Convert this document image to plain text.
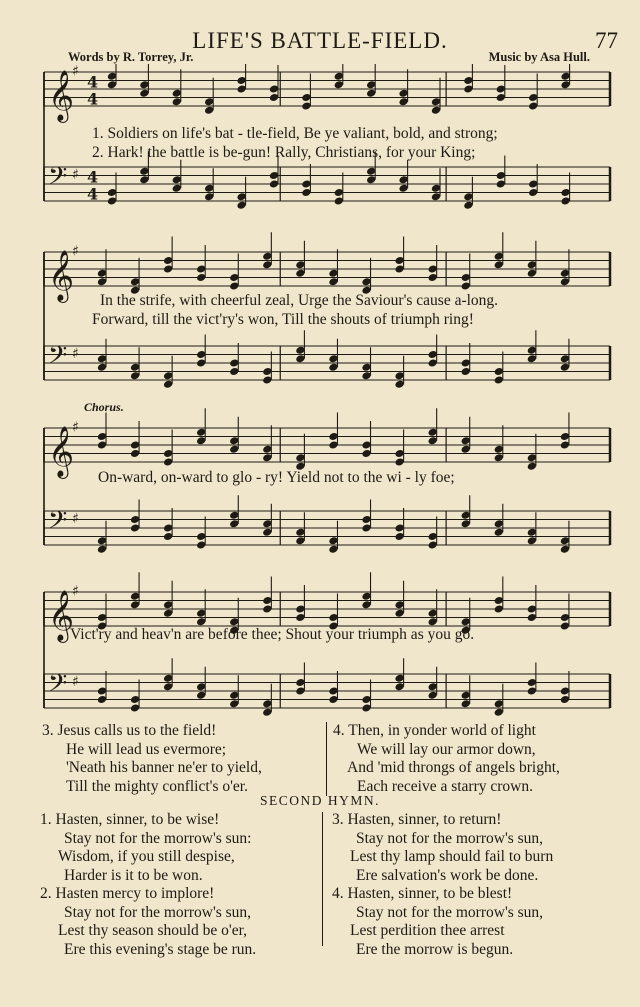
LIFE'S BATTLE-FIELD.	77
Words by R. Torrey, Jr.	Music by Asa Hull.
𝄞
♯
4
4
𝄢 ♯ 4
4
1. Soldiers on life's bat - tle-field, Be ye valiant, bold, and strong;
2. Hark! the battle is be-gun! Rally, Christians, for your King;
𝄞
♯
𝄢 ♯
In the strife, with cheerful zeal, Urge the Saviour's cause a-long.
Forward, till the vict'ry's won, Till the shouts of triumph ring!
Chorus.
𝄞
♯
𝄢 ♯
On-ward, on-ward to glo - ry! Yield not to the wi - ly foe;
𝄞
♯
𝄢 ♯
Vict'ry and heav'n are before thee; Shout your triumph as you go.
3. Jesus calls us to the field!
He will lead us evermore;
'Neath his banner ne'er to yield,
Till the mighty conflict's o'er.
4. Then, in yonder world of light
We will lay our armor down,
And 'mid throngs of angels bright,
Each receive a starry crown.
SECOND HYMN.
1. Hasten, sinner, to be wise!
Stay not for the morrow's sun:
Wisdom, if you still despise,
Harder is it to be won.
2. Hasten mercy to implore!
Stay not for the morrow's sun,
Lest thy season should be o'er,
Ere this evening's stage be run.
3. Hasten, sinner, to return!
Stay not for the morrow's sun,
Lest thy lamp should fail to burn
Ere salvation's work be done.
4. Hasten, sinner, to be blest!
Stay not for the morrow's sun,
Lest perdition thee arrest
Ere the morrow is begun.
